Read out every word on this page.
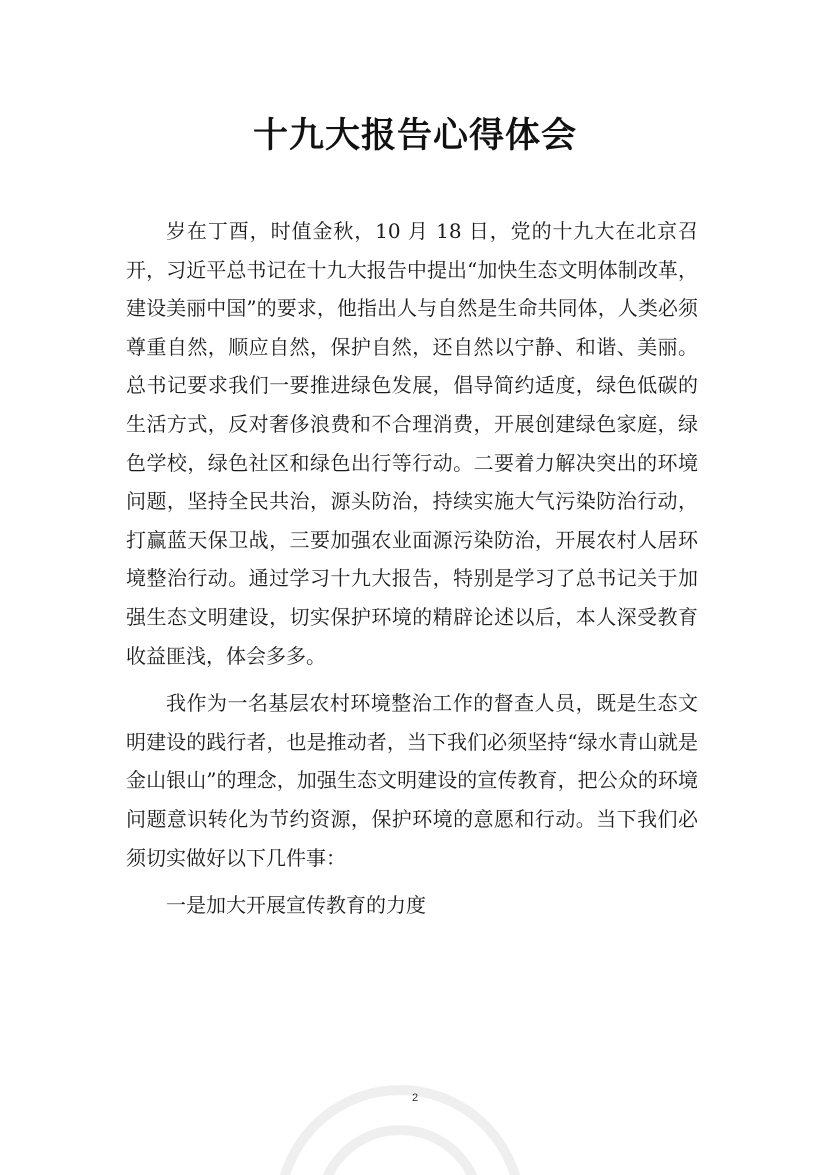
十九大报告心得体会

岁在丁酉，时值金秋，10 月 18 日，党的十九大在北京召开，习近平总书记在十九大报告中提出“加快生态文明体制改革，建设美丽中国”的要求，他指出人与自然是生命共同体，人类必须尊重自然，顺应自然，保护自然，还自然以宁静、和谐、美丽。总书记要求我们一要推进绿色发展，倡导简约适度，绿色低碳的生活方式，反对奢侈浪费和不合理消费，开展创建绿色家庭，绿色学校，绿色社区和绿色出行等行动。二要着力解决突出的环境问题，坚持全民共治，源头防治，持续实施大气污染防治行动，打赢蓝天保卫战，三要加强农业面源污染防治，开展农村人居环境整治行动。通过学习十九大报告，特别是学习了总书记关于加强生态文明建设，切实保护环境的精辟论述以后，本人深受教育收益匪浅，体会多多。

我作为一名基层农村环境整治工作的督查人员，既是生态文明建设的践行者，也是推动者，当下我们必须坚持“绿水青山就是金山银山”的理念，加强生态文明建设的宣传教育，把公众的环境问题意识转化为节约资源，保护环境的意愿和行动。当下我们必须切实做好以下几件事：

一是加大开展宣传教育的力度

2
